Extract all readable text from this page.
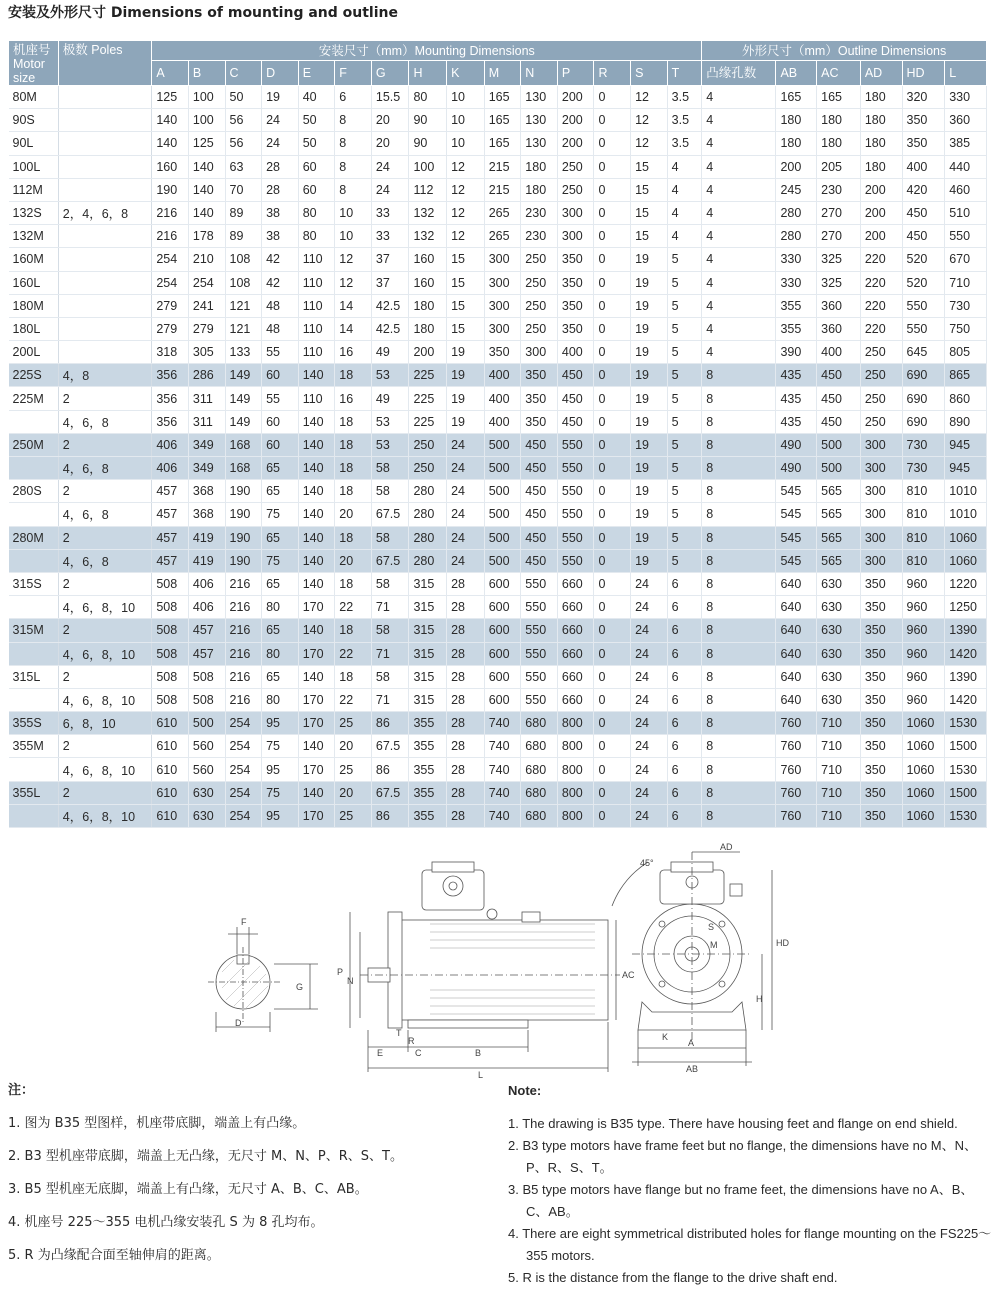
安装及外形尺寸 Dimensions of mounting and outline
机座号 Motor size	极数 Poles	安装尺寸（mm）Mounting Dimensions															外形尺寸（mm）Outline Dimensions					
		A	B	C	D	E	F	G	H	K	M	N	P	R	S	T	凸缘孔数	AB	AC	AD	HD	L
80M		125	100	50	19	40	6	15.5	80	10	165	130	200	0	12	3.5	4	165	165	180	320	330
90S		140	100	56	24	50	8	20	90	10	165	130	200	0	12	3.5	4	180	180	180	350	360
90L		140	125	56	24	50	8	20	90	10	165	130	200	0	12	3.5	4	180	180	180	350	385
100L		160	140	63	28	60	8	24	100	12	215	180	250	0	15	4	4	200	205	180	400	440
112M		190	140	70	28	60	8	24	112	12	215	180	250	0	15	4	4	245	230	200	420	460
132S	2，4，6，8	216	140	89	38	80	10	33	132	12	265	230	300	0	15	4	4	280	270	200	450	510
132M		216	178	89	38	80	10	33	132	12	265	230	300	0	15	4	4	280	270	200	450	550
160M		254	210	108	42	110	12	37	160	15	300	250	350	0	19	5	4	330	325	220	520	670
160L		254	254	108	42	110	12	37	160	15	300	250	350	0	19	5	4	330	325	220	520	710
180M		279	241	121	48	110	14	42.5	180	15	300	250	350	0	19	5	4	355	360	220	550	730
180L		279	279	121	48	110	14	42.5	180	15	300	250	350	0	19	5	4	355	360	220	550	750
200L		318	305	133	55	110	16	49	200	19	350	300	400	0	19	5	4	390	400	250	645	805
225S	4，8	356	286	149	60	140	18	53	225	19	400	350	450	0	19	5	8	435	450	250	690	865
225M	2	356	311	149	55	110	16	49	225	19	400	350	450	0	19	5	8	435	450	250	690	860
	4，6，8	356	311	149	60	140	18	53	225	19	400	350	450	0	19	5	8	435	450	250	690	890
250M	2	406	349	168	60	140	18	53	250	24	500	450	550	0	19	5	8	490	500	300	730	945
	4，6，8	406	349	168	65	140	18	58	250	24	500	450	550	0	19	5	8	490	500	300	730	945
280S	2	457	368	190	65	140	18	58	280	24	500	450	550	0	19	5	8	545	565	300	810	1010
	4，6，8	457	368	190	75	140	20	67.5	280	24	500	450	550	0	19	5	8	545	565	300	810	1010
280M	2	457	419	190	65	140	18	58	280	24	500	450	550	0	19	5	8	545	565	300	810	1060
	4，6，8	457	419	190	75	140	20	67.5	280	24	500	450	550	0	19	5	8	545	565	300	810	1060
315S	2	508	406	216	65	140	18	58	315	28	600	550	660	0	24	6	8	640	630	350	960	1220
	4，6，8，10	508	406	216	80	170	22	71	315	28	600	550	660	0	24	6	8	640	630	350	960	1250
315M	2	508	457	216	65	140	18	58	315	28	600	550	660	0	24	6	8	640	630	350	960	1390
	4，6，8，10	508	457	216	80	170	22	71	315	28	600	550	660	0	24	6	8	640	630	350	960	1420
315L	2	508	508	216	65	140	18	58	315	28	600	550	660	0	24	6	8	640	630	350	960	1390
	4，6，8，10	508	508	216	80	170	22	71	315	28	600	550	660	0	24	6	8	640	630	350	960	1420
355S	6，8，10	610	500	254	95	170	25	86	355	28	740	680	800	0	24	6	8	760	710	350	1060	1530
355M	2	610	560	254	75	140	20	67.5	355	28	740	680	800	0	24	6	8	760	710	350	1060	1500
	4，6，8，10	610	560	254	95	170	25	86	355	28	740	680	800	0	24	6	8	760	710	350	1060	1530
355L	2	610	630	254	75	140	20	67.5	355	28	740	680	800	0	24	6	8	760	710	350	1060	1500
	4，6，8，10	610	630	254	95	170	25	86	355	28	740	680	800	0	24	6	8	760	710	350	1060	1530
F
G
D
P
N
AC
E
R
C
T
B
L
45°
AD
HD
H
K
A
AB
S
M
注：

1. 图为 B35 型图样，机座带底脚，端盖上有凸缘。

2. B3 型机座带底脚，端盖上无凸缘，无尺寸 M、N、P、R、S、T。

3. B5 型机座无底脚，端盖上有凸缘，无尺寸 A、B、C、AB。

4. 机座号 225～355 电机凸缘安装孔 S 为 8 孔均布。

5. R 为凸缘配合面至轴伸肩的距离。

Note:

1. The drawing is B35 type. There have housing feet and flange on end shield.

2. B3 type motors have frame feet but no flange, the dimensions have no M、N、P、R、S、T。

3. B5 type motors have flange but no frame feet, the dimensions have no A、B、C、AB。

4. There are eight symmetrical distributed holes for flange mounting on the FS225～355 motors.

5. R is the distance from the flange to the drive shaft end.
